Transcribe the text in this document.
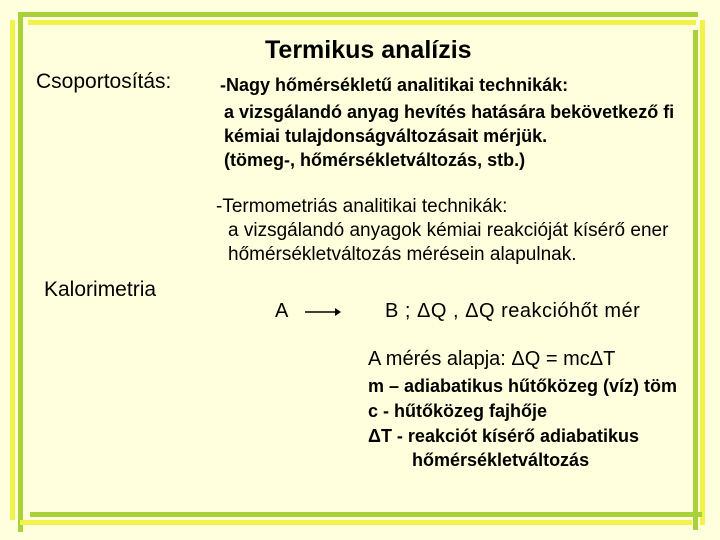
Termikus analízis
Csoportosítás:	-Nagy hőmérsékletű analitikai technikák:
a vizsgálandó anyag hevítés hatására bekövetkező fi
kémiai tulajdonságváltozásait mérjük.
(tömeg-, hőmérsékletváltozás, stb.)
-Termometriás analitikai technikák:
a vizsgálandó anyagok kémiai reakcióját kísérő ener
hőmérsékletváltozás mérésein alapulnak.
Kalorimetria
A → B ; ΔQ , ΔQ reakcióhőt mér
A mérés alapja: ΔQ = mcΔT
m – adiabatikus hűtőközeg (víz) töm
c - hűtőközeg fajhője
ΔT - reakciót kísérő adiabatikus
hőmérsékletváltozás
